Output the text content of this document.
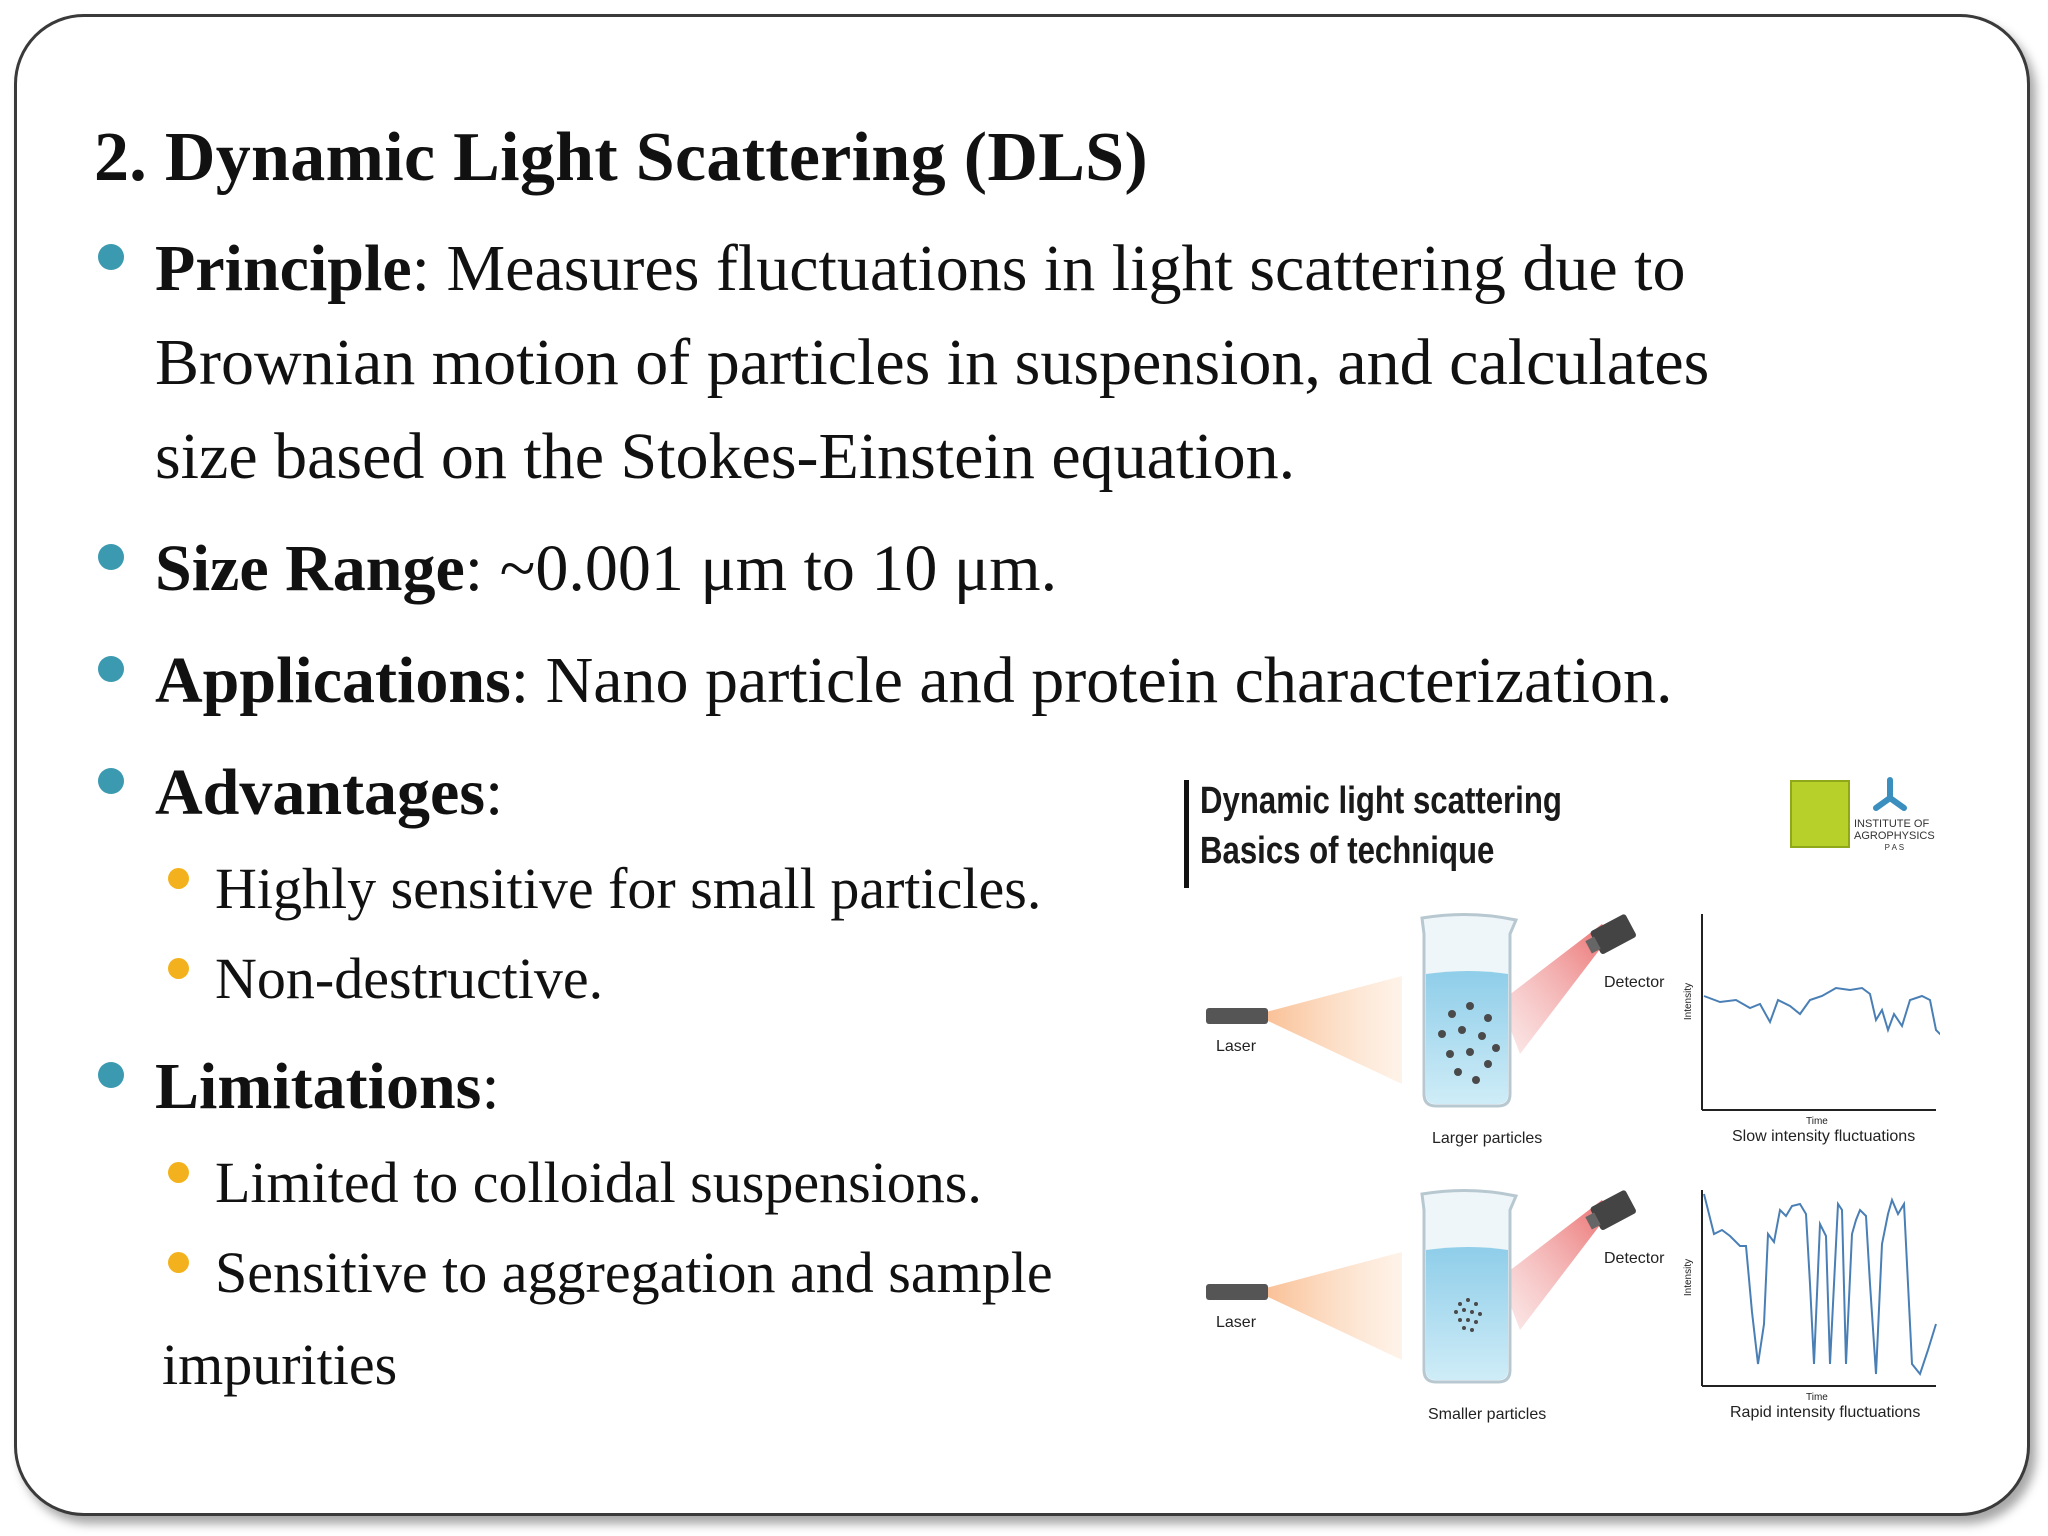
2. Dynamic Light Scattering (DLS)
Principle: Measures fluctuations in light scattering due to
Brownian motion of particles in suspension, and calculates
size based on the Stokes-Einstein equation.
Size Range: ~0.001 μm to 10 μm.
Applications: Nano particle and protein characterization.
Advantages:
Highly sensitive for small particles.
Non-destructive.
Limitations:
Limited to colloidal suspensions.
Sensitive to aggregation and sample
impurities
Dynamic light scattering
Basics of technique
INSTITUTE OF
AGROPHYSICS
P A S
Laser
Detector
Larger particles
Intensity
Time
Slow intensity fluctuations
Laser
Detector
Smaller particles
Intensity
Time
Rapid intensity fluctuations
